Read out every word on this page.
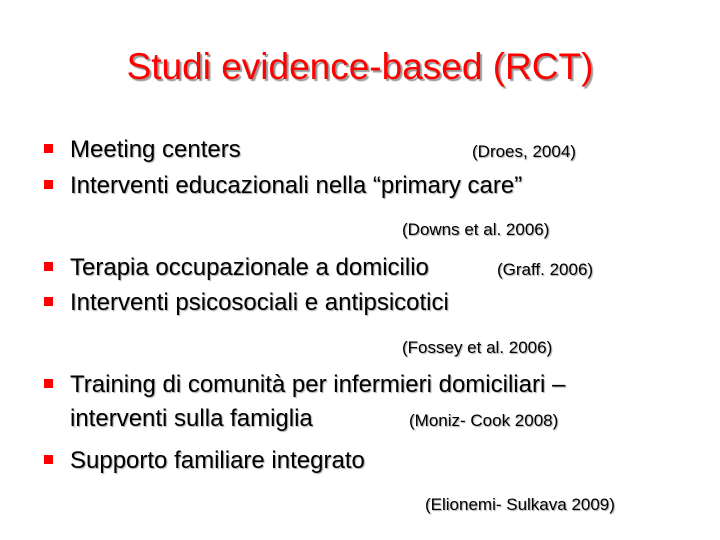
Studi evidence-based (RCT)
Meeting centers	(Droes, 2004)
Interventi educazionali nella “primary care”
(Downs et al. 2006)
Terapia occupazionale a domicilio	(Graff. 2006)
Interventi psicosociali e antipsicotici
(Fossey et al. 2006)
Training di comunità per infermieri domiciliari –
interventi sulla famiglia	(Moniz- Cook 2008)
Supporto familiare integrato
(Elionemi- Sulkava 2009)
